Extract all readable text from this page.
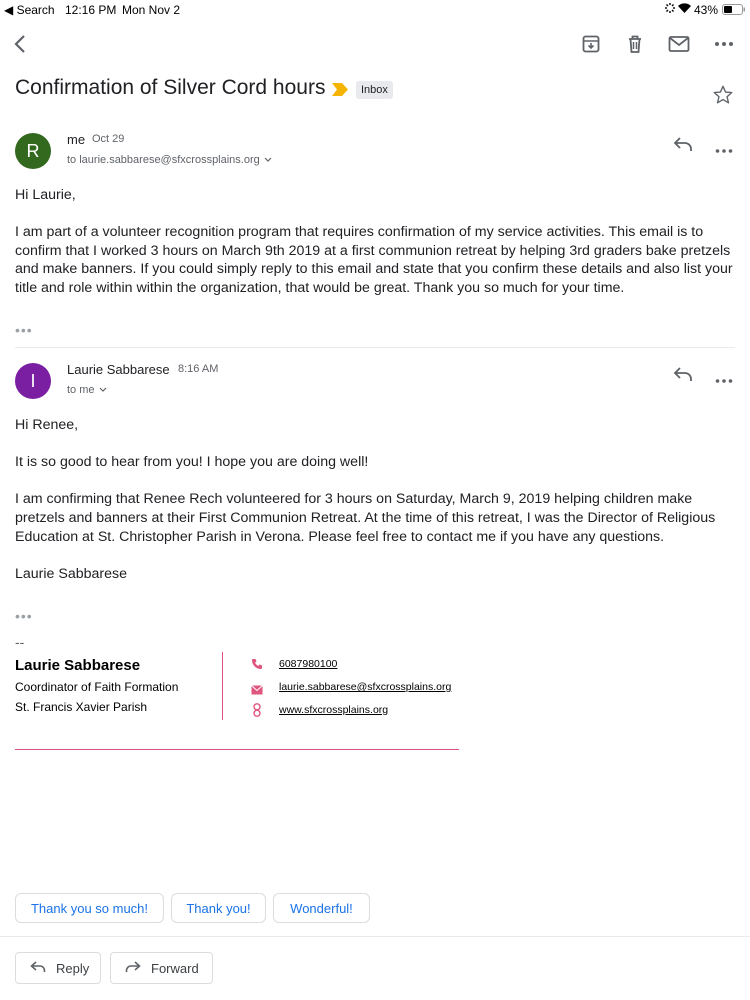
◀ Search 12:16 PM Mon Nov 2	43%
Confirmation of Silver Cord hours	Inbox
R
me Oct 29
to laurie.sabbarese@sfxcrossplains.org

Hi Laurie,

I am part of a volunteer recognition program that requires confirmation of my service activities. This email is to confirm that I worked 3 hours on March 9th 2019 at a first communion retreat by helping 3rd graders bake pretzels and make banners. If you could simply reply to this email and state that you confirm these details and also list your title and role within within the organization, that would be great. Thank you so much for your time.

•••
I
Laurie Sabbarese 8:16 AM
to me

Hi Renee,

It is so good to hear from you! I hope you are doing well!

I am confirming that Renee Rech volunteered for 3 hours on Saturday, March 9, 2019 helping children make pretzels and banners at their First Communion Retreat. At the time of this retreat, I was the Director of Religious Education at St. Christopher Parish in Verona. Please feel free to contact me if you have any questions.

Laurie Sabbarese

•••
--
Laurie Sabbarese
Coordinator of Faith Formation
St. Francis Xavier Parish
6087980100
laurie.sabbarese@sfxcrossplains.org
www.sfxcrossplains.org
Thank you so much!	Thank you!	Wonderful!
Reply	Forward
